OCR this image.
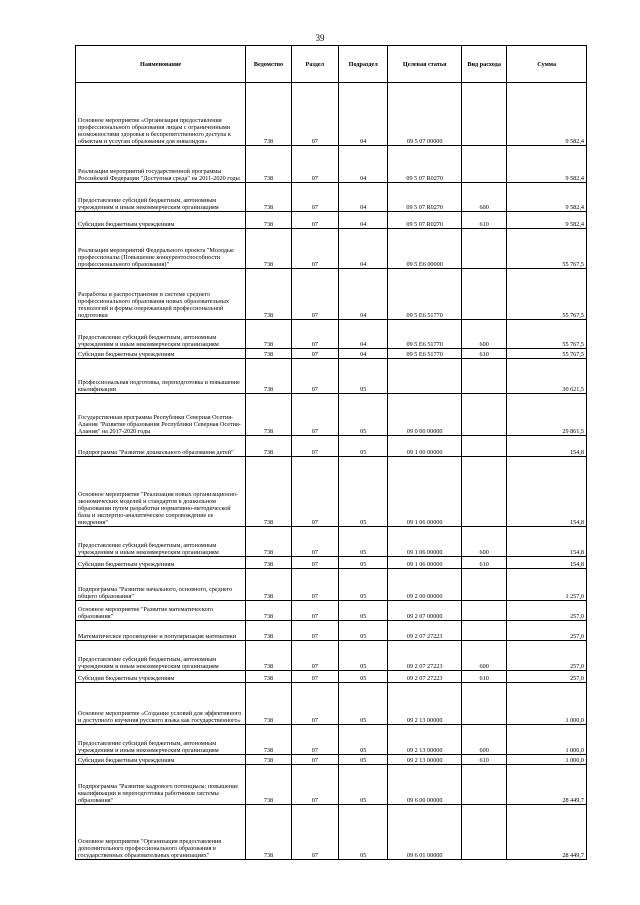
39
Наименование	Ведомство	Раздел	Подраздел	Целевая статья	Вид расхода	Сумма
Основное мероприятие «Организация предоставления профессионального образования лицам с ограниченными возможностями здоровья и беспрепятственного доступа к объектам и услугам образования для инвалидов»	738	07	04	09 5 07 00000		9 582,4
Реализация мероприятий государственной программы Российской Федерации "Доступная среда" на 2011-2020 годы	738	07	04	09 5 07 R0270		9 582,4
Предоставление субсидий бюджетным, автономным учреждениям и иным некоммерческим организациям	738	07	04	09 5 07 R0270	600	9 582,4
Субсидии бюджетным учреждениям	738	07	04	09 5 07 R0270	610	9 582,4
Реализация мероприятий Федерального проекта "Молодые профессионалы (Повышение конкурентоспособности профессионального образования)"	738	07	04	09 5 E6 00000		55 767,5
Разработка и распространение в системе среднего профессионального образования новых образовательных технологий и формы опережающей профессиональной подготовки	738	07	04	09 5 E6 51770		55 767,5
Предоставление субсидий бюджетным, автономным учреждениям и иным некоммерческим организациям	738	07	04	09 5 E6 51770	600	55 767,5
Субсидии бюджетным учреждениям	738	07	04	09 5 E6 51770	610	55 767,5
Профессиональная подготовка, переподготовка и повышение квалификации	738	07	05			30 621,5
Государственная программа Республики Северная Осетия-Алания "Развитие образования Республики Северная Осетия-Алания" на 2017-2020 годы	738	07	05	09 0 00 00000		29 861,5
Подпрограмма "Развитие дошкольного образования детей"	738	07	05	09 1 00 00000		154,8
Основное мероприятие "Реализация новых организационно-экономических моделей и стандартов в дошкольном образовании путем разработки нормативно-методической базы и экспертно-аналитическое сопровождение ее внедрения"	738	07	05	09 1 06 00000		154,8
Предоставление субсидий бюджетным, автономным учреждениям и иным некоммерческим организациям	738	07	05	09 1 06 00000	600	154,8
Субсидии бюджетным учреждениям	738	07	05	09 1 06 00000	610	154,8
Подпрограмма "Развитие начального, основного, среднего общего образования"	738	07	05	09 2 00 00000		1 257,0
Основное мероприятие "Развитие математического образования"	738	07	05	09 2 07 00000		257,0
Математическое просвещение и популяризация математики	738	07	05	09 2 07 27223		257,0
Предоставление субсидий бюджетным, автономным учреждениям и иным некоммерческим организациям	738	07	05	09 2 07 27223	600	257,0
Субсидии бюджетным учреждениям	738	07	05	09 2 07 27223	610	257,0
Основное мероприятие «Создание условий для эффективного и доступного изучения русского языка как государственного»	738	07	05	09 2 13 00000		1 000,0
Предоставление субсидий бюджетным, автономным учреждениям и иным некоммерческим организациям	738	07	05	09 2 13 00000	600	1 000,0
Субсидии бюджетным учреждениям	738	07	05	09 2 13 00000	610	1 000,0
Подпрограмма "Развитие кадрового потенциала: повышение квалификации и переподготовка работников системы образования"	738	07	05	09 6 00 00000		28 449,7
Основное мероприятие "Организация предоставления дополнительного профессионального образования в государственных образовательных организациях"	738	07	05	09 6 01 00000		28 449,7
